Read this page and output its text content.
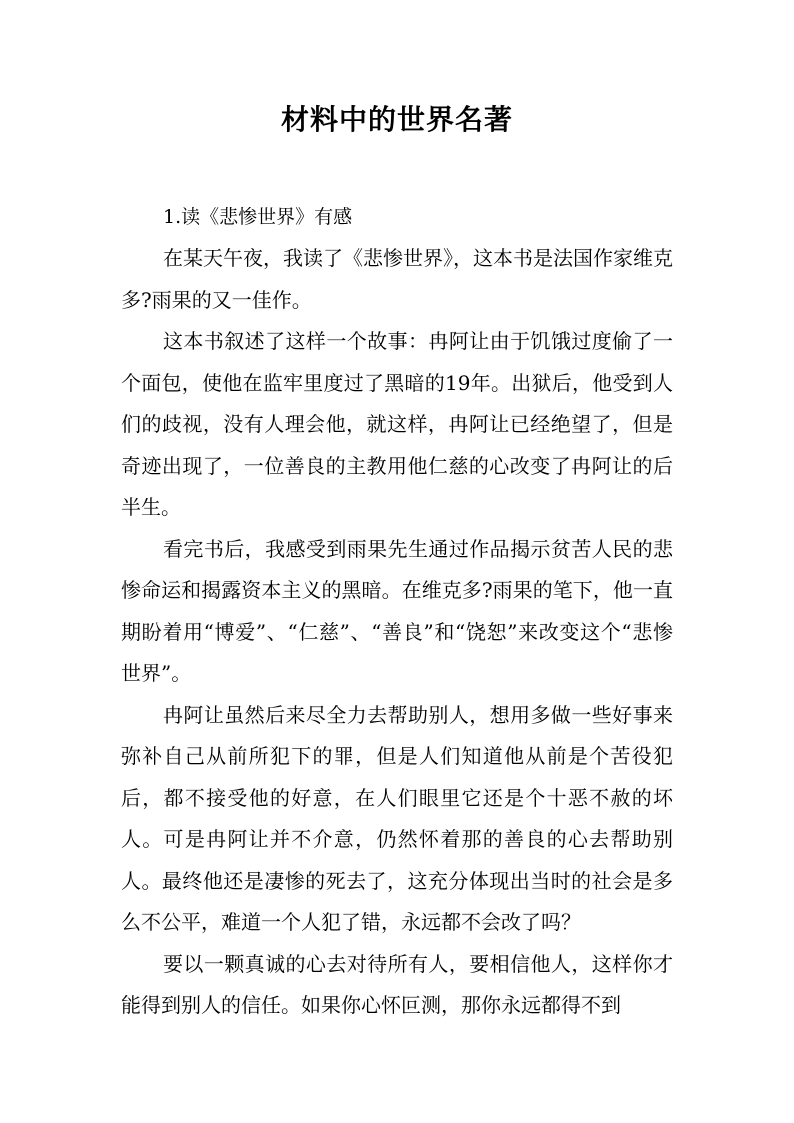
材料中的世界名著

1.读《悲惨世界》有感

在某天午夜，我读了《悲惨世界》，这本书是法国作家维克多?雨果的又一佳作。

这本书叙述了这样一个故事：冉阿让由于饥饿过度偷了一个面包，使他在监牢里度过了黑暗的19年。出狱后，他受到人们的歧视，没有人理会他，就这样，冉阿让已经绝望了，但是奇迹出现了，一位善良的主教用他仁慈的心改变了冉阿让的后半生。

看完书后，我感受到雨果先生通过作品揭示贫苦人民的悲惨命运和揭露资本主义的黑暗。在维克多?雨果的笔下，他一直期盼着用“博爱”、“仁慈”、“善良”和“饶恕”来改变这个“悲惨世界”。

冉阿让虽然后来尽全力去帮助别人，想用多做一些好事来弥补自己从前所犯下的罪，但是人们知道他从前是个苦役犯后，都不接受他的好意，在人们眼里它还是个十恶不赦的坏人。可是冉阿让并不介意，仍然怀着那的善良的心去帮助别人。最终他还是凄惨的死去了，这充分体现出当时的社会是多么不公平，难道一个人犯了错，永远都不会改了吗？

要以一颗真诚的心去对待所有人，要相信他人，这样你才能得到别人的信任。如果你心怀叵测，那你永远都得不到
